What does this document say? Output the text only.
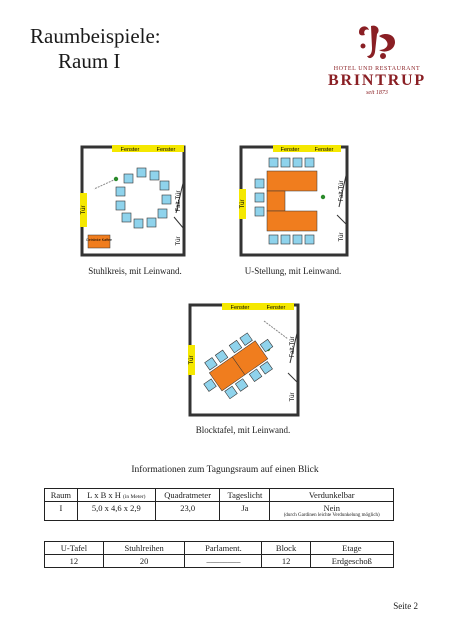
Raumbeispiele:
Raum I	HOTEL UND RESTAURANT
BRINTRUP
seit 1873
Fenster	Fenster
Tür	Falt-Tür
Tür
Getränke Kaffee
Stuhlkreis, mit Leinwand.
Fenster	Fenster
Tür
Falt-Tür
Tür
U-Stellung, mit Leinwand.
Fenster	Fenster
Tür
Falt-Tür
Tür
Blocktafel, mit Leinwand.
Informationen zum Tagungsraum auf einen Blick
Raum	L x B x H (in Meter)	Quadratmeter	Tageslicht	Verdunkelbar
I	5,0 x 4,6 x 2,9	23,0	Ja	Nein
(durch Gardinen leichte Verdunkelung möglich)
U-Tafel	Stuhlreihen	Parlament.	Block	Etage
12	20	––––––––	12	Erdgeschoß
Seite 2
